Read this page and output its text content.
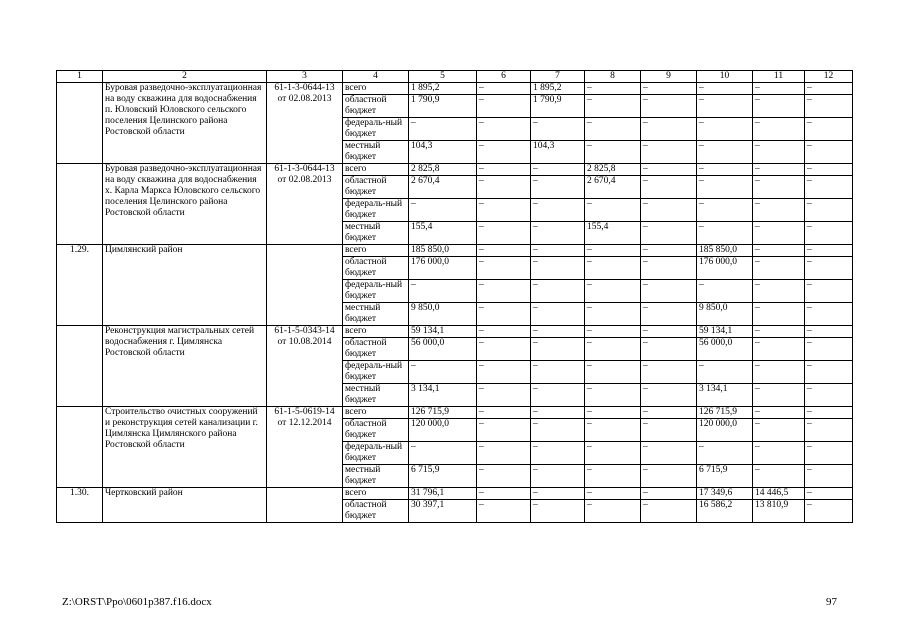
1	2	3	4	5	6	7	8	9	10	11	12
	Буровая разведочно-эксплуатационная на воду скважина для водоснабжения п. Юловский Юловского сельского поселения Целинского района Ростовской области	61-1-3-0644-13 от 02.08.2013	всего	1 895,2	–	1 895,2	–	–	–	–	–
			областной бюджет	1 790,9	–	1 790,9	–	–	–	–	–
			федераль-ный бюджет	–	–	–	–	–	–	–	–
			местный бюджет	104,3	–	104,3	–	–	–	–	–
	Буровая разведочно-эксплуатационная на воду скважина для водоснабжения х. Карла Маркса Юловского сельского поселения Целинского района Ростовской области	61-1-3-0644-13 от 02.08.2013	всего	2 825,8	–	–	2 825,8	–	–	–	–
			областной бюджет	2 670,4	–	–	2 670,4	–	–	–	–
			федераль-ный бюджет	–	–	–	–	–	–	–	–
			местный бюджет	155,4	–	–	155,4	–	–	–	–
1.29.	Цимлянский район		всего	185 850,0	–	–	–	–	185 850,0	–	–
			областной бюджет	176 000,0	–	–	–	–	176 000,0	–	–
			федераль-ный бюджет	–	–	–	–	–	–	–	–
			местный бюджет	9 850,0	–	–	–	–	9 850,0	–	–
	Реконструкция магистральных сетей водоснабжения г. Цимлянска Ростовской области	61-1-5-0343-14 от 10.08.2014	всего	59 134,1	–	–	–	–	59 134,1	–	–
			областной бюджет	56 000,0	–	–	–	–	56 000,0	–	–
			федераль-ный бюджет	–	–	–	–	–	–	–	–
			местный бюджет	3 134,1	–	–	–	–	3 134,1	–	–
	Строительство очистных сооружений и реконструкция сетей канализации г. Цимлянска Цимлянского района Ростовской области	61-1-5-0619-14 от 12.12.2014	всего	126 715,9	–	–	–	–	126 715,9	–	–
			областной бюджет	120 000,0	–	–	–	–	120 000,0	–	–
			федераль-ный бюджет	–	–	–	–	–	–	–	–
			местный бюджет	6 715,9	–	–	–	–	6 715,9	–	–
1.30.	Чертковский район		всего	31 796,1	–	–	–	–	17 349,6	14 446,5	–
			областной бюджет	30 397,1	–	–	–	–	16 586,2	13 810,9	–
Z:\ORST\Ppo\0601p387.f16.docx	97
